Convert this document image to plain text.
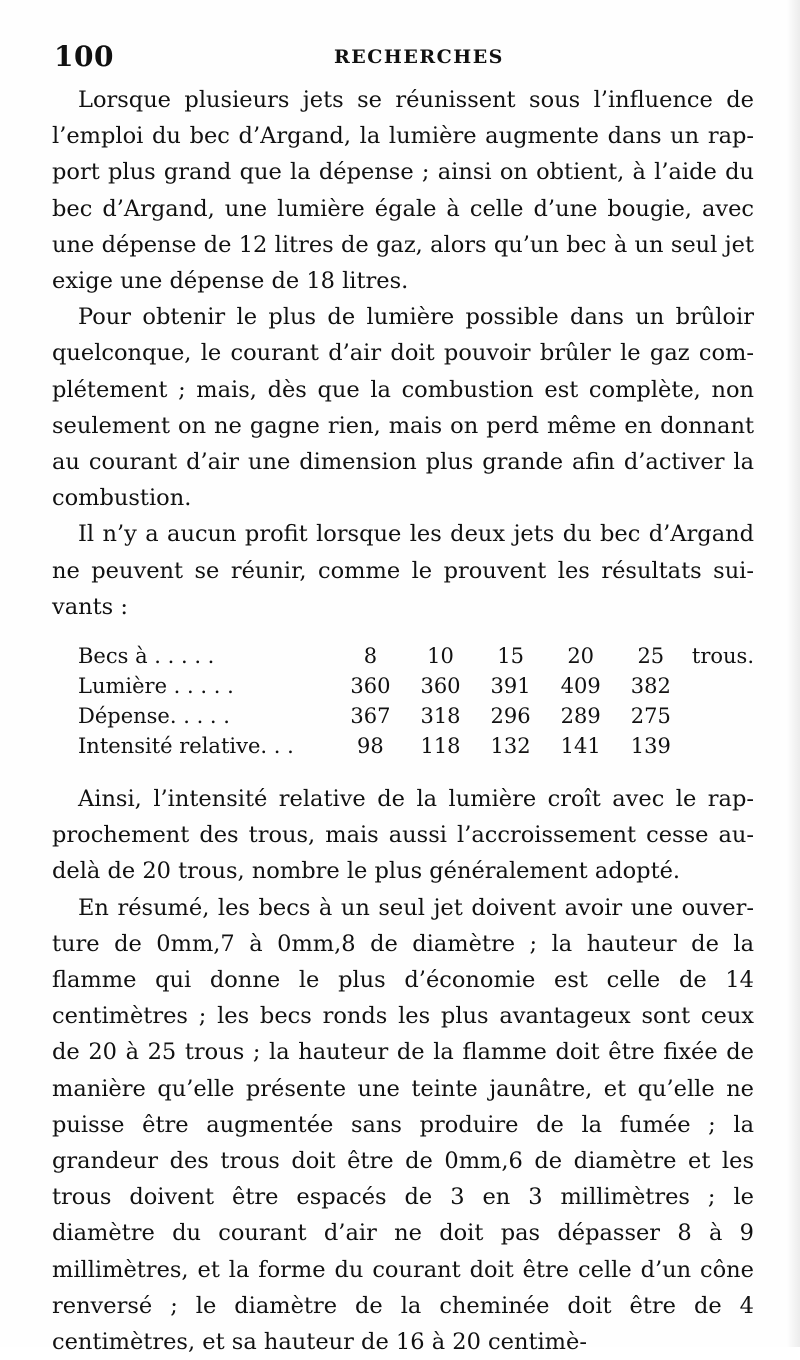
100	RECHERCHES

Lorsque plusieurs jets se réunissent sous l’influence de l’emploi du bec d’Argand, la lumière augmente dans un rapport plus grand que la dépense ; ainsi on obtient, à l’aide du bec d’Argand, une lumière égale à celle d’une bougie, avec une dépense de 12 litres de gaz, alors qu’un bec à un seul jet exige une dépense de 18 litres.

Pour obtenir le plus de lumière possible dans un brûloir quelconque, le courant d’air doit pouvoir brûler le gaz complétement ; mais, dès que la combustion est complète, non seulement on ne gagne rien, mais on perd même en donnant au courant d’air une dimension plus grande afin d’activer la combustion.

Il n’y a aucun profit lorsque les deux jets du bec d’Argand ne peuvent se réunir, comme le prouvent les résultats suivants :

Becs à . . . . .	8	10	15	20	25	trous.
Lumière . . . . .	360	360	391	409	382	
Dépense. . . . .	367	318	296	289	275	
Intensité relative. . .	98	118	132	141	139	

Ainsi, l’intensité relative de la lumière croît avec le rapprochement des trous, mais aussi l’accroissement cesse au-delà de 20 trous, nombre le plus généralement adopté.

En résumé, les becs à un seul jet doivent avoir une ouverture de 0mm,7 à 0mm,8 de diamètre ; la hauteur de la flamme qui donne le plus d’économie est celle de 14 centimètres ; les becs ronds les plus avantageux sont ceux de 20 à 25 trous ; la hauteur de la flamme doit être fixée de manière qu’elle présente une teinte jaunâtre, et qu’elle ne puisse être augmentée sans produire de la fumée ; la grandeur des trous doit être de 0mm,6 de diamètre et les trous doivent être espacés de 3 en 3 millimètres ; le diamètre du courant d’air ne doit pas dépasser 8 à 9 millimètres, et la forme du courant doit être celle d’un cône renversé ; le diamètre de la cheminée doit être de 4 centimètres, et sa hauteur de 16 à 20 centimè-
